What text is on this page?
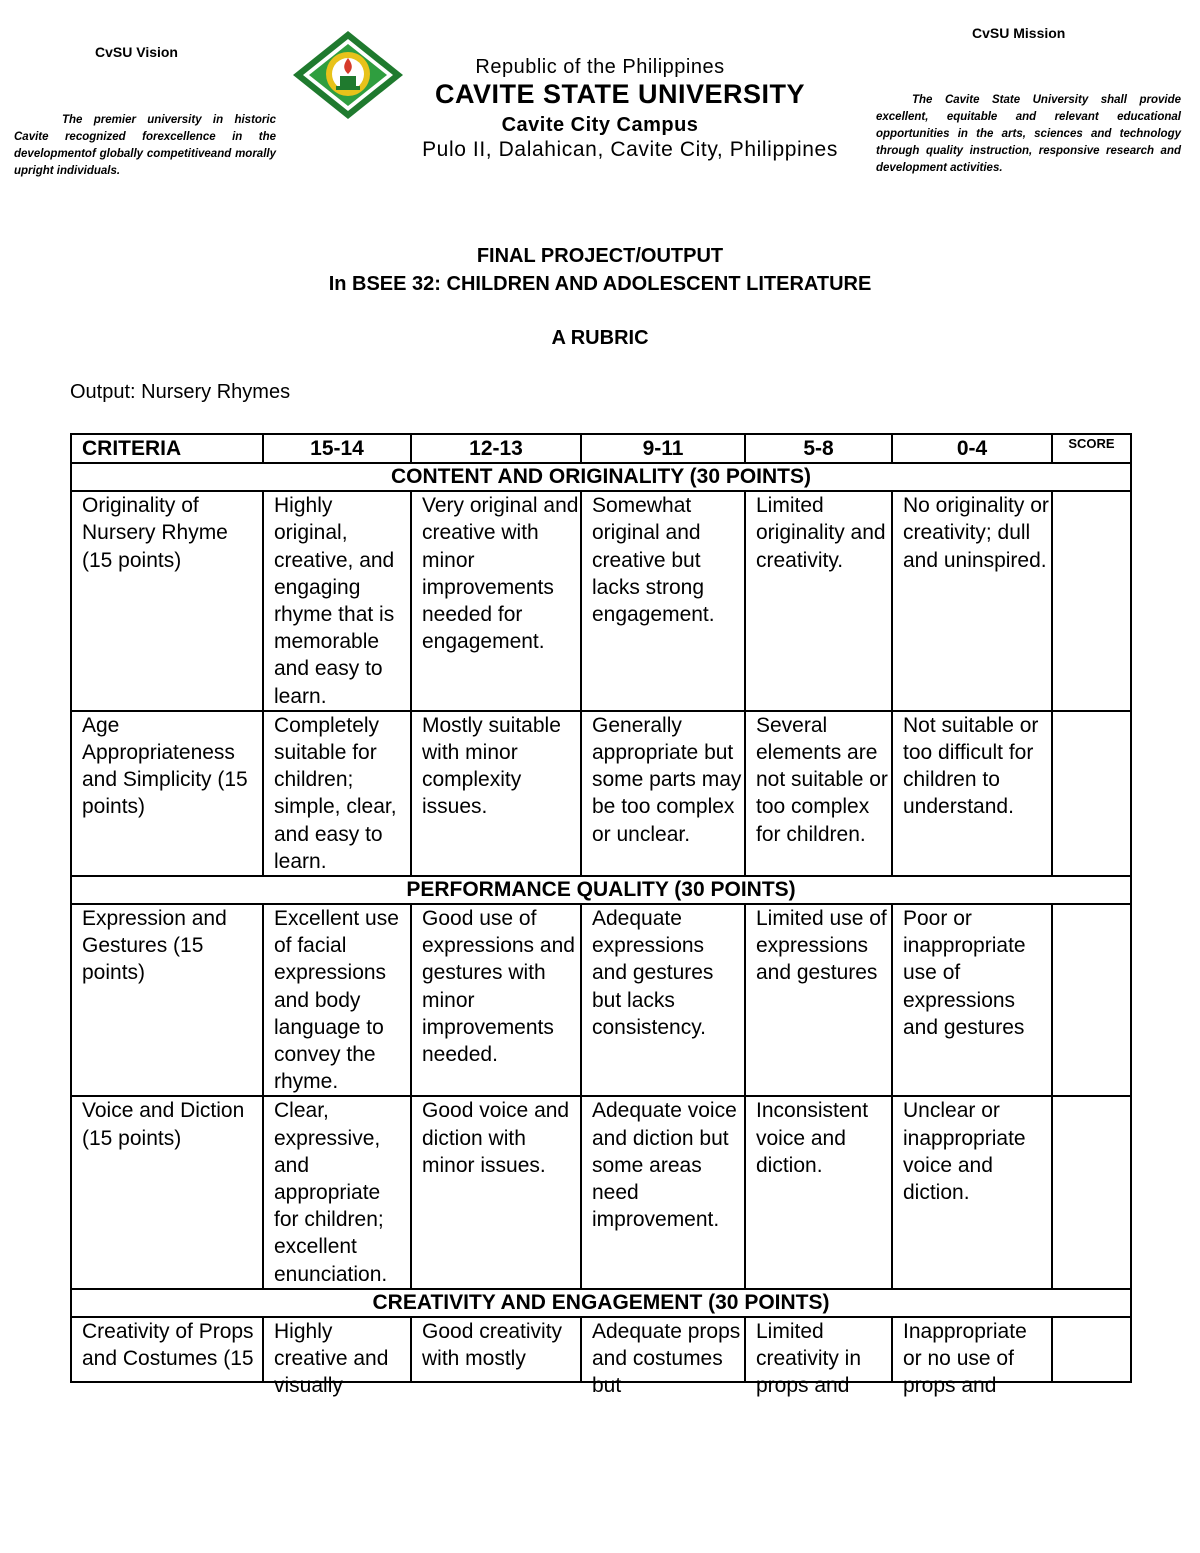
CvSU Vision
The premier university in historic Cavite recognized forexcellence in the developmentof globally competitiveand morally upright individuals.
Republic of the Philippines
CAVITE STATE UNIVERSITY
Cavite City Campus
Pulo II, Dalahican, Cavite City, Philippines
CvSU Mission
The Cavite State University shall provide excellent, equitable and relevant educational opportunities in the arts, sciences and technology through quality instruction, responsive research and development activities.
FINAL PROJECT/OUTPUT
In BSEE 32: CHILDREN AND ADOLESCENT LITERATURE
A RUBRIC
Output: Nursery Rhymes
CRITERIA	15-14	12-13	9-11	5-8	0-4	SCORE
CONTENT AND ORIGINALITY (30 POINTS)						
Originality of Nursery Rhyme (15 points)	Highly original, creative, and engaging rhyme that is memorable and easy to learn.	Very original and creative with minor improvements needed for engagement.	Somewhat original and creative but lacks strong engagement.	Limited originality and creativity.	No originality or creativity; dull and uninspired.	
Age Appropriateness and Simplicity (15 points)	Completely suitable for children; simple, clear, and easy to learn.	Mostly suitable with minor complexity issues.	Generally appropriate but some parts may be too complex or unclear.	Several elements are not suitable or too complex for children.	Not suitable or too difficult for children to understand.	
PERFORMANCE QUALITY (30 POINTS)						
Expression and Gestures (15 points)	Excellent use of facial expressions and body language to convey the rhyme.	Good use of expressions and gestures with minor improvements needed.	Adequate expressions and gestures but lacks consistency.	Limited use of expressions and gestures	Poor or inappropriate use of expressions and gestures	
Voice and Diction (15 points)	Clear, expressive, and appropriate for children; excellent enunciation.	Good voice and diction with minor issues.	Adequate voice and diction but some areas need improvement.	Inconsistent voice and diction.	Unclear or inappropriate voice and diction.	
CREATIVITY AND ENGAGEMENT (30 POINTS)						

Creativity of Props and Costumes (15	Highly creative and visually	Good creativity with mostly	Adequate props and costumes but	Limited creativity in props and	Inappropriate or no use of props and	
